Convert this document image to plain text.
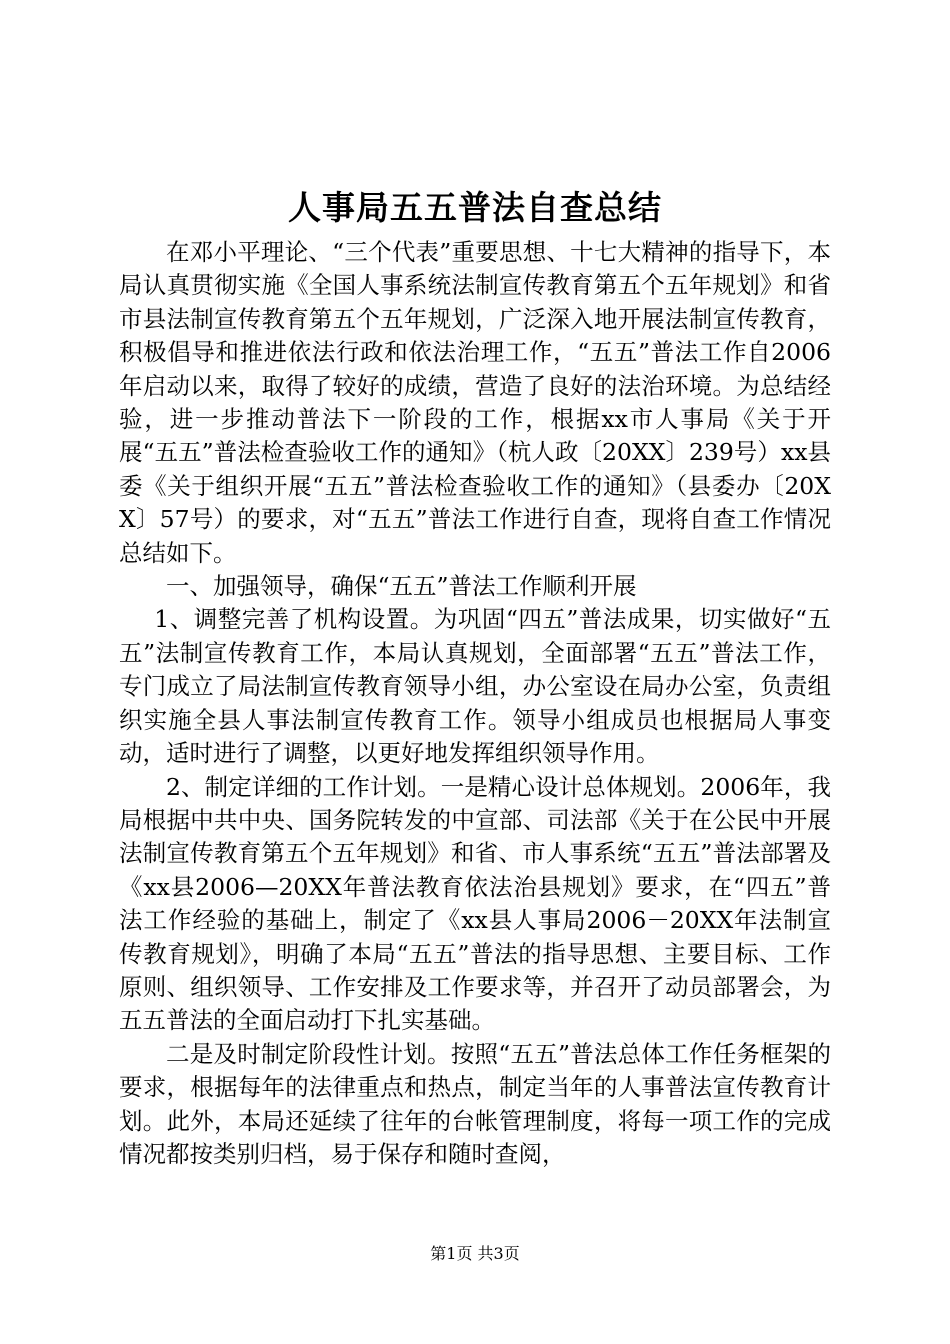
人事局五五普法自查总结

在邓小平理论、“三个代表”重要思想、十七大精神的指导下，本局认真贯彻实施《全国人事系统法制宣传教育第五个五年规划》和省市县法制宣传教育第五个五年规划，广泛深入地开展法制宣传教育，积极倡导和推进依法行政和依法治理工作，“五五”普法工作自2006年启动以来，取得了较好的成绩，营造了良好的法治环境。为总结经验，进一步推动普法下一阶段的工作，根据xx市人事局《关于开展“五五”普法检查验收工作的通知》（杭人政〔20XX〕239号）xx县委《关于组织开展“五五”普法检查验收工作的通知》（县委办〔20XX〕57号）的要求，对“五五”普法工作进行自查，现将自查工作情况总结如下。

一、加强领导，确保“五五”普法工作顺利开展

1、调整完善了机构设置。为巩固“四五”普法成果，切实做好“五五”法制宣传教育工作，本局认真规划，全面部署“五五”普法工作，专门成立了局法制宣传教育领导小组，办公室设在局办公室，负责组织实施全县人事法制宣传教育工作。领导小组成员也根据局人事变动，适时进行了调整，以更好地发挥组织领导作用。

2、制定详细的工作计划。一是精心设计总体规划。2006年，我局根据中共中央、国务院转发的中宣部、司法部《关于在公民中开展法制宣传教育第五个五年规划》和省、市人事系统“五五”普法部署及《xx县2006—20XX年普法教育依法治县规划》要求，在“四五”普法工作经验的基础上，制定了《xx县人事局2006－20XX年法制宣传教育规划》，明确了本局“五五”普法的指导思想、主要目标、工作原则、组织领导、工作安排及工作要求等，并召开了动员部署会，为五五普法的全面启动打下扎实基础。

二是及时制定阶段性计划。按照“五五”普法总体工作任务框架的要求，根据每年的法律重点和热点，制定当年的人事普法宣传教育计划。此外，本局还延续了往年的台帐管理制度，将每一项工作的完成情况都按类别归档，易于保存和随时查阅，

第1页 共3页
